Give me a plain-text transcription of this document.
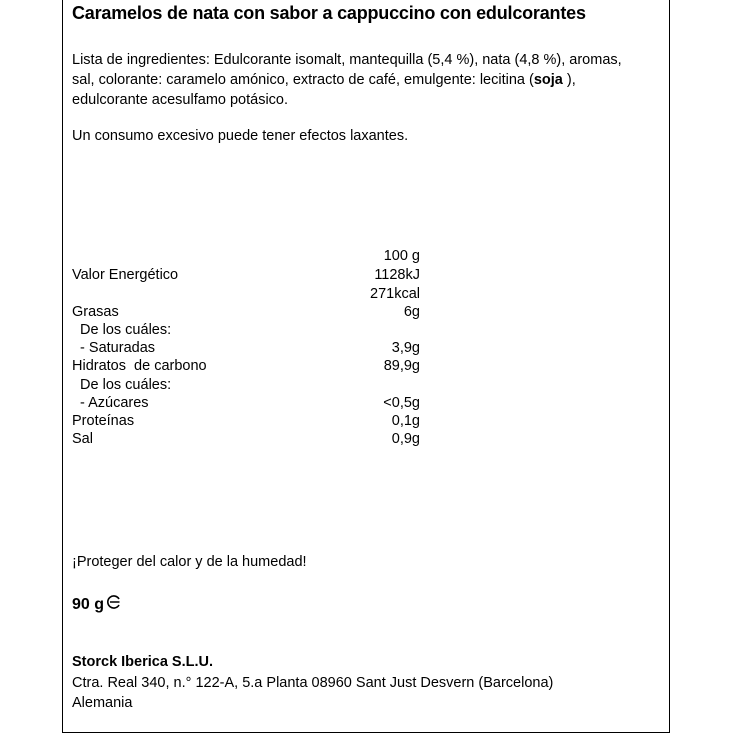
Caramelos de nata con sabor a cappuccino con edulcorantes
Lista de ingredientes: Edulcorante isomalt, mantequilla (5,4 %), nata (4,8 %), aromas, sal, colorante: caramelo amónico, extracto de café, emulgente: lecitina (soja ), edulcorante acesulfamo potásico.
Un consumo excesivo puede tener efectos laxantes.
100 g
Valor Energético	1128kJ
271kcal
Grasas	6g
De los cuáles:
- Saturadas	3,9g
Hidratos  de carbono	89,9g
De los cuáles:
- Azúcares	<0,5g
Proteínas	0,1g
Sal	0,9g
¡Proteger del calor y de la humedad!
90 g
Storck Iberica S.L.U.
Ctra. Real 340, n.° 122-A, 5.a Planta 08960 Sant Just Desvern (Barcelona)
Alemania
